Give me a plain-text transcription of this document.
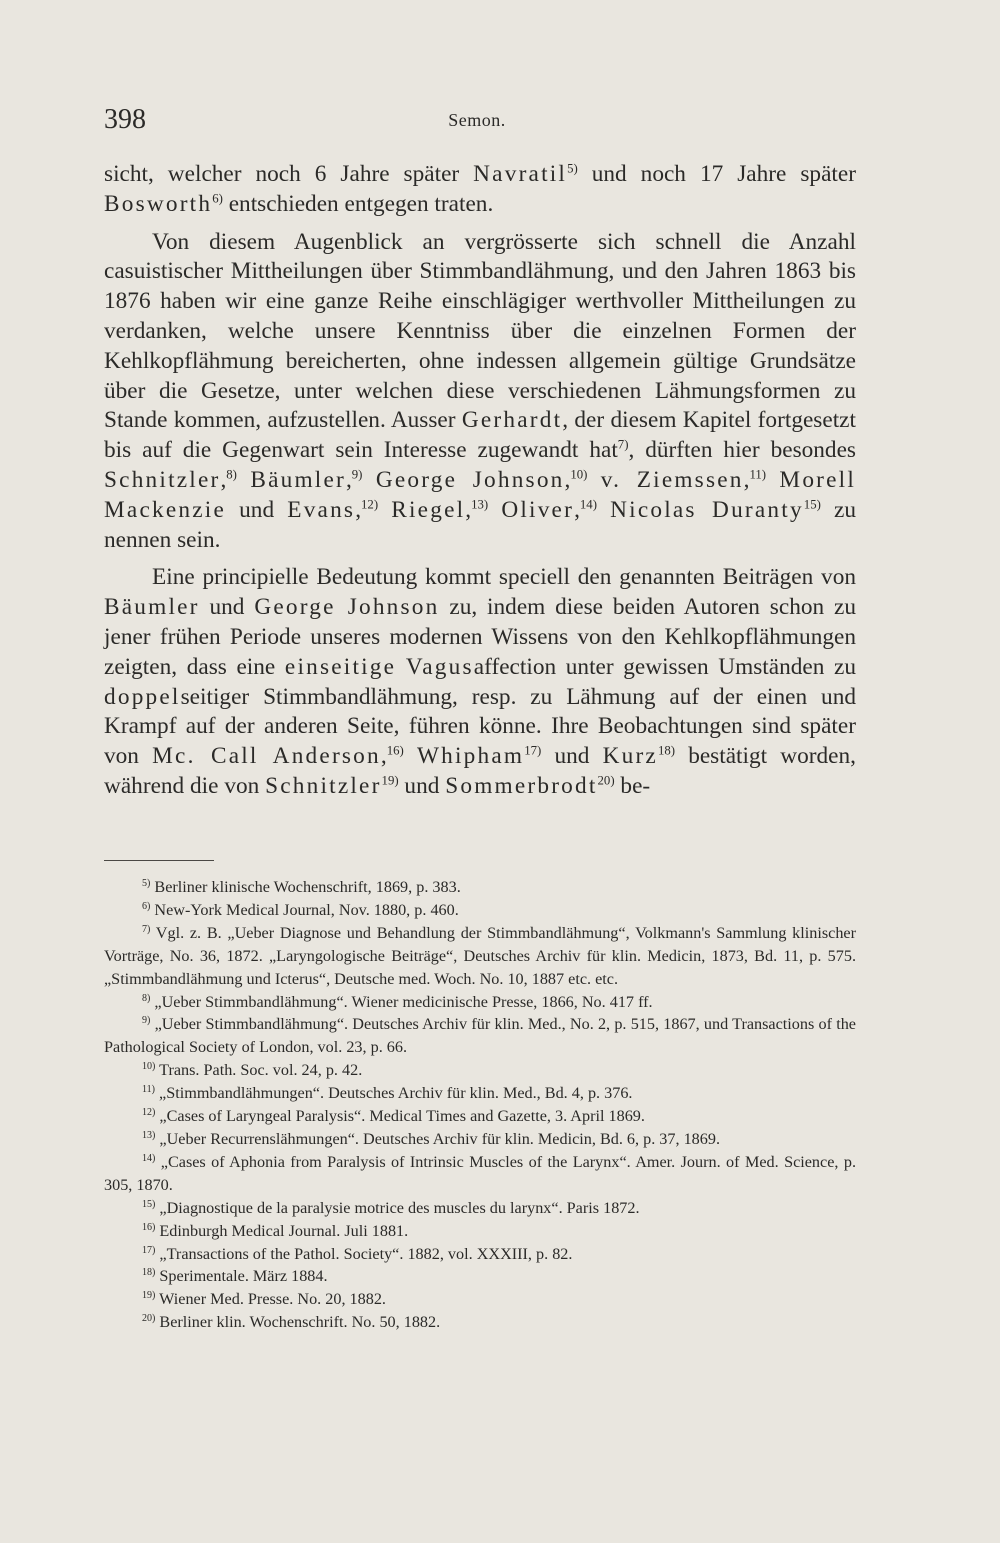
398	Semon.

sicht, welcher noch 6 Jahre später Navratil$^{5)}$ und noch 17 Jahre später Bosworth$^{6)}$ entschieden entgegen traten.

Von diesem Augenblick an vergrösserte sich schnell die Anzahl casuistischer Mittheilungen über Stimmbandlähmung, und den Jahren 1863 bis 1876 haben wir eine ganze Reihe einschlägiger werthvoller Mittheilungen zu verdanken, welche unsere Kenntniss über die einzelnen Formen der Kehlkopflähmung bereicherten, ohne indessen allgemein gültige Grundsätze über die Gesetze, unter welchen diese verschiedenen Lähmungsformen zu Stande kommen, aufzustellen. Ausser Gerhardt, der diesem Kapitel fortgesetzt bis auf die Gegenwart sein Interesse zugewandt hat$^{7)}$, dürften hier besondes Schnitzler,$^{8)}$ Bäumler,$^{9)}$ George Johnson,$^{10)}$ v. Ziemssen,$^{11)}$ Morell Mackenzie und Evans,$^{12)}$ Riegel,$^{13)}$ Oliver,$^{14)}$ Nicolas Duranty$^{15)}$ zu nennen sein.

Eine principielle Bedeutung kommt speciell den genannten Beiträgen von Bäumler und George Johnson zu, indem diese beiden Autoren schon zu jener frühen Periode unseres modernen Wissens von den Kehlkopflähmungen zeigten, dass eine einseitige Vagusaffection unter gewissen Umständen zu doppelseitiger Stimmbandlähmung, resp. zu Lähmung auf der einen und Krampf auf der anderen Seite, führen könne. Ihre Beobachtungen sind später von Mc. Call Anderson,$^{16)}$ Whipham$^{17)}$ und Kurz$^{18)}$ bestätigt worden, während die von Schnitzler$^{19)}$ und Sommerbrodt$^{20)}$ be-

$^{5)}$ Berliner klinische Wochenschrift, 1869, p. 383.
$^{6)}$ New-York Medical Journal, Nov. 1880, p. 460.
$^{7)}$ Vgl. z. B. „Ueber Diagnose und Behandlung der Stimmbandlähmung“, Volkmann's Sammlung klinischer Vorträge, No. 36, 1872. „Laryngologische Beiträge“, Deutsches Archiv für klin. Medicin, 1873, Bd. 11, p. 575. „Stimmbandlähmung und Icterus“, Deutsche med. Woch. No. 10, 1887 etc. etc.
$^{8)}$ „Ueber Stimmbandlähmung“. Wiener medicinische Presse, 1866, No. 417 ff.
$^{9)}$ „Ueber Stimmbandlähmung“. Deutsches Archiv für klin. Med., No. 2, p. 515, 1867, und Transactions of the Pathological Society of London, vol. 23, p. 66.
$^{10)}$ Trans. Path. Soc. vol. 24, p. 42.
$^{11)}$ „Stimmbandlähmungen“. Deutsches Archiv für klin. Med., Bd. 4, p. 376.
$^{12)}$ „Cases of Laryngeal Paralysis“. Medical Times and Gazette, 3. April 1869.
$^{13)}$ „Ueber Recurrenslähmungen“. Deutsches Archiv für klin. Medicin, Bd. 6, p. 37, 1869.
$^{14)}$ „Cases of Aphonia from Paralysis of Intrinsic Muscles of the Larynx“. Amer. Journ. of Med. Science, p. 305, 1870.
$^{15)}$ „Diagnostique de la paralysie motrice des muscles du larynx“. Paris 1872.
$^{16)}$ Edinburgh Medical Journal. Juli 1881.
$^{17)}$ „Transactions of the Pathol. Society“. 1882, vol. XXXIII, p. 82.
$^{18)}$ Sperimentale. März 1884.
$^{19)}$ Wiener Med. Presse. No. 20, 1882.
$^{20)}$ Berliner klin. Wochenschrift. No. 50, 1882.
